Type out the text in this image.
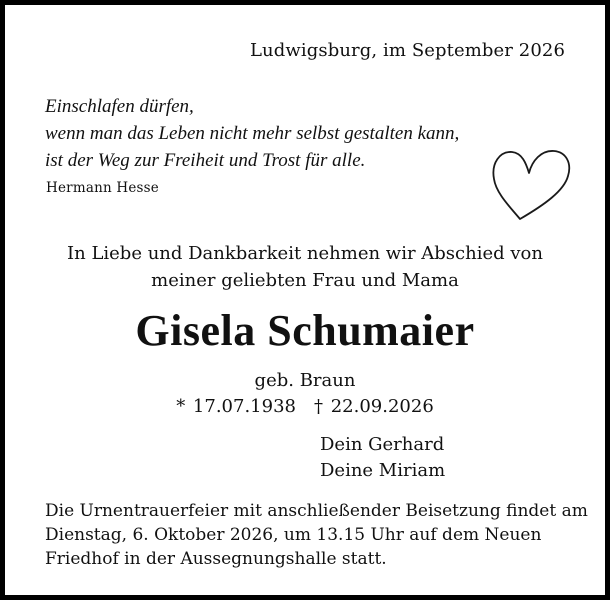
Ludwigsburg, im September 2026
Einschlafen dürfen,
wenn man das Leben nicht mehr selbst gestalten kann,
ist der Weg zur Freiheit und Trost für alle.
Hermann Hesse
In Liebe und Dankbarkeit nehmen wir Abschied von
meiner geliebten Frau und Mama
Gisela Schumaier
geb. Braun
* 17.07.1938 † 22.09.2026
Dein Gerhard
Deine Miriam
Die Urnentrauerfeier mit anschließender Beisetzung findet am
Dienstag, 6. Oktober 2026, um 13.15 Uhr auf dem Neuen
Friedhof in der Aussegnungshalle statt.
